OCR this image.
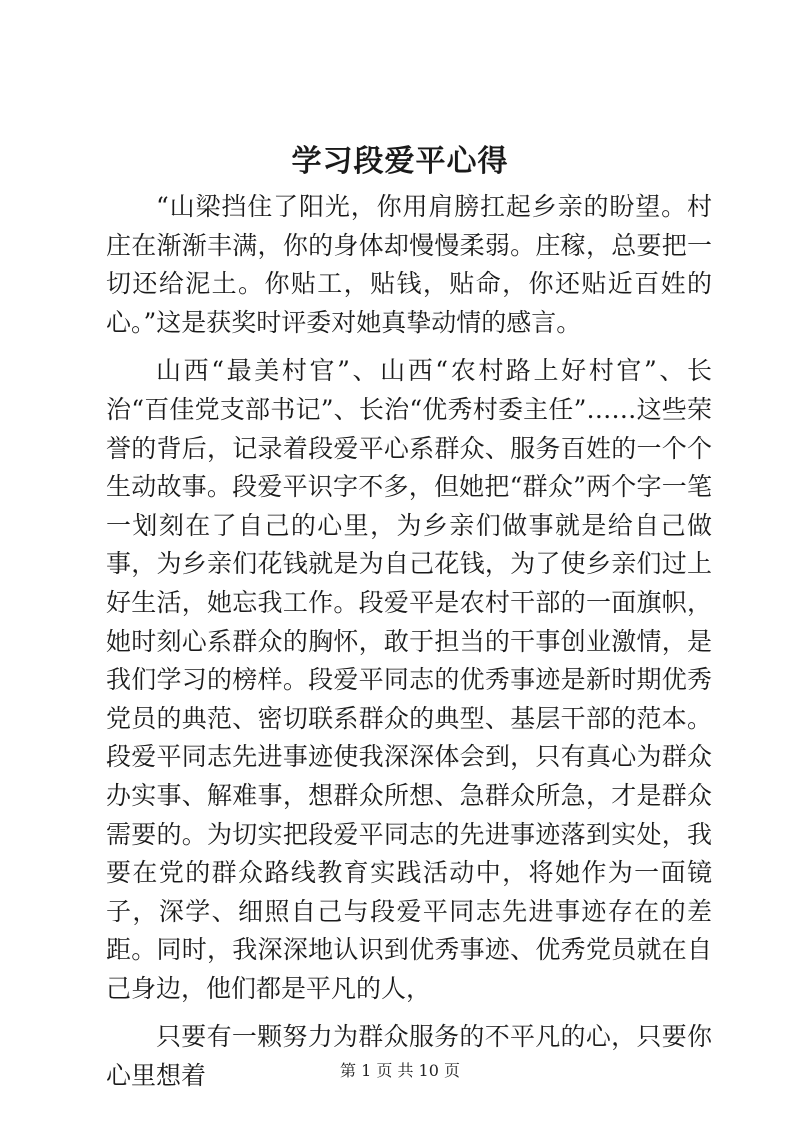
学习段爱平心得

“山梁挡住了阳光，你用肩膀扛起乡亲的盼望。村庄在渐渐丰满，你的身体却慢慢柔弱。庄稼，总要把一切还给泥土。你贴工，贴钱，贴命，你还贴近百姓的心。”这是获奖时评委对她真挚动情的感言。

山西“最美村官”、山西“农村路上好村官”、长治“百佳党支部书记”、长治“优秀村委主任”……这些荣誉的背后，记录着段爱平心系群众、服务百姓的一个个生动故事。段爱平识字不多，但她把“群众”两个字一笔一划刻在了自己的心里，为乡亲们做事就是给自己做事，为乡亲们花钱就是为自己花钱，为了使乡亲们过上好生活，她忘我工作。段爱平是农村干部的一面旗帜，她时刻心系群众的胸怀，敢于担当的干事创业激情，是我们学习的榜样。段爱平同志的优秀事迹是新时期优秀党员的典范、密切联系群众的典型、基层干部的范本。段爱平同志先进事迹使我深深体会到，只有真心为群众办实事、解难事，想群众所想、急群众所急，才是群众需要的。为切实把段爱平同志的先进事迹落到实处，我要在党的群众路线教育实践活动中，将她作为一面镜子，深学、细照自己与段爱平同志先进事迹存在的差距。同时，我深深地认识到优秀事迹、优秀党员就在自己身边，他们都是平凡的人，

只要有一颗努力为群众服务的不平凡的心，只要你心里想着	第 1 页 共 10 页
